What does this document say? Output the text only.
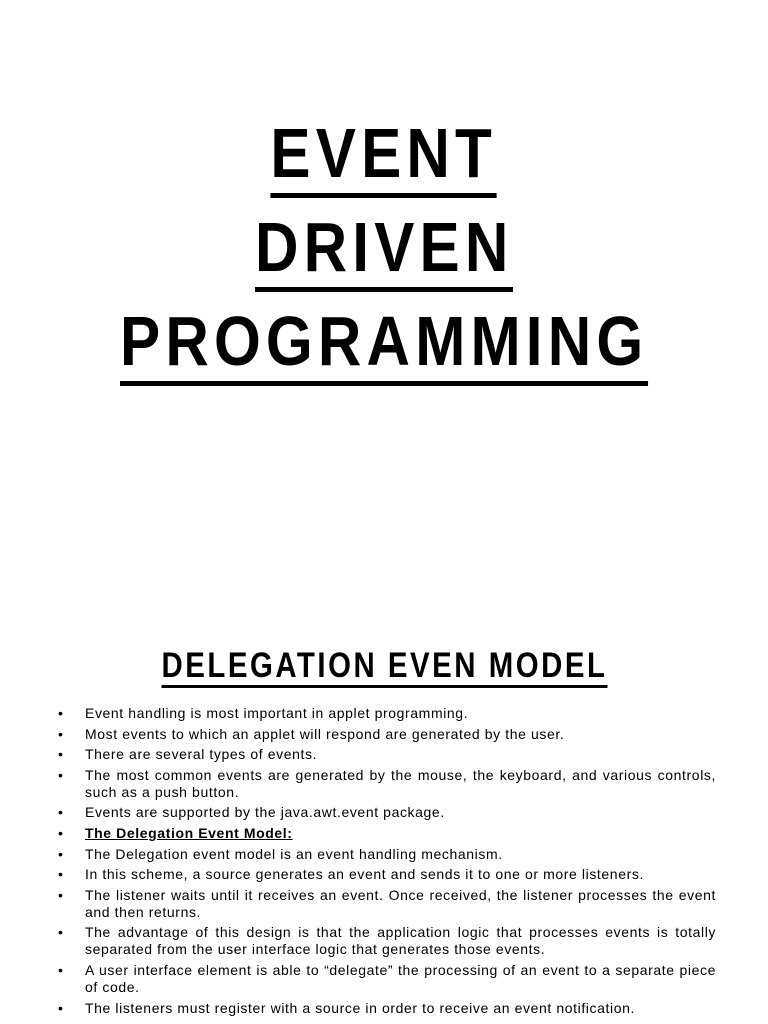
EVENT
DRIVEN
PROGRAMMING
DELEGATION EVEN MODEL
• Event handling is most important in applet programming.
• Most events to which an applet will respond are generated by the user.
• There are several types of events.
• The most common events are generated by the mouse, the keyboard, and various controls, such as a push button.
• Events are supported by the java.awt.event package.
• The Delegation Event Model:
• The Delegation event model is an event handling mechanism.
• In this scheme, a source generates an event and sends it to one or more listeners.
• The listener waits until it receives an event. Once received, the listener processes the event and then returns.
• The advantage of this design is that the application logic that processes events is totally separated from the user interface logic that generates those events.
• A user interface element is able to “delegate” the processing of an event to a separate piece of code.
• The listeners must register with a source in order to receive an event notification.
